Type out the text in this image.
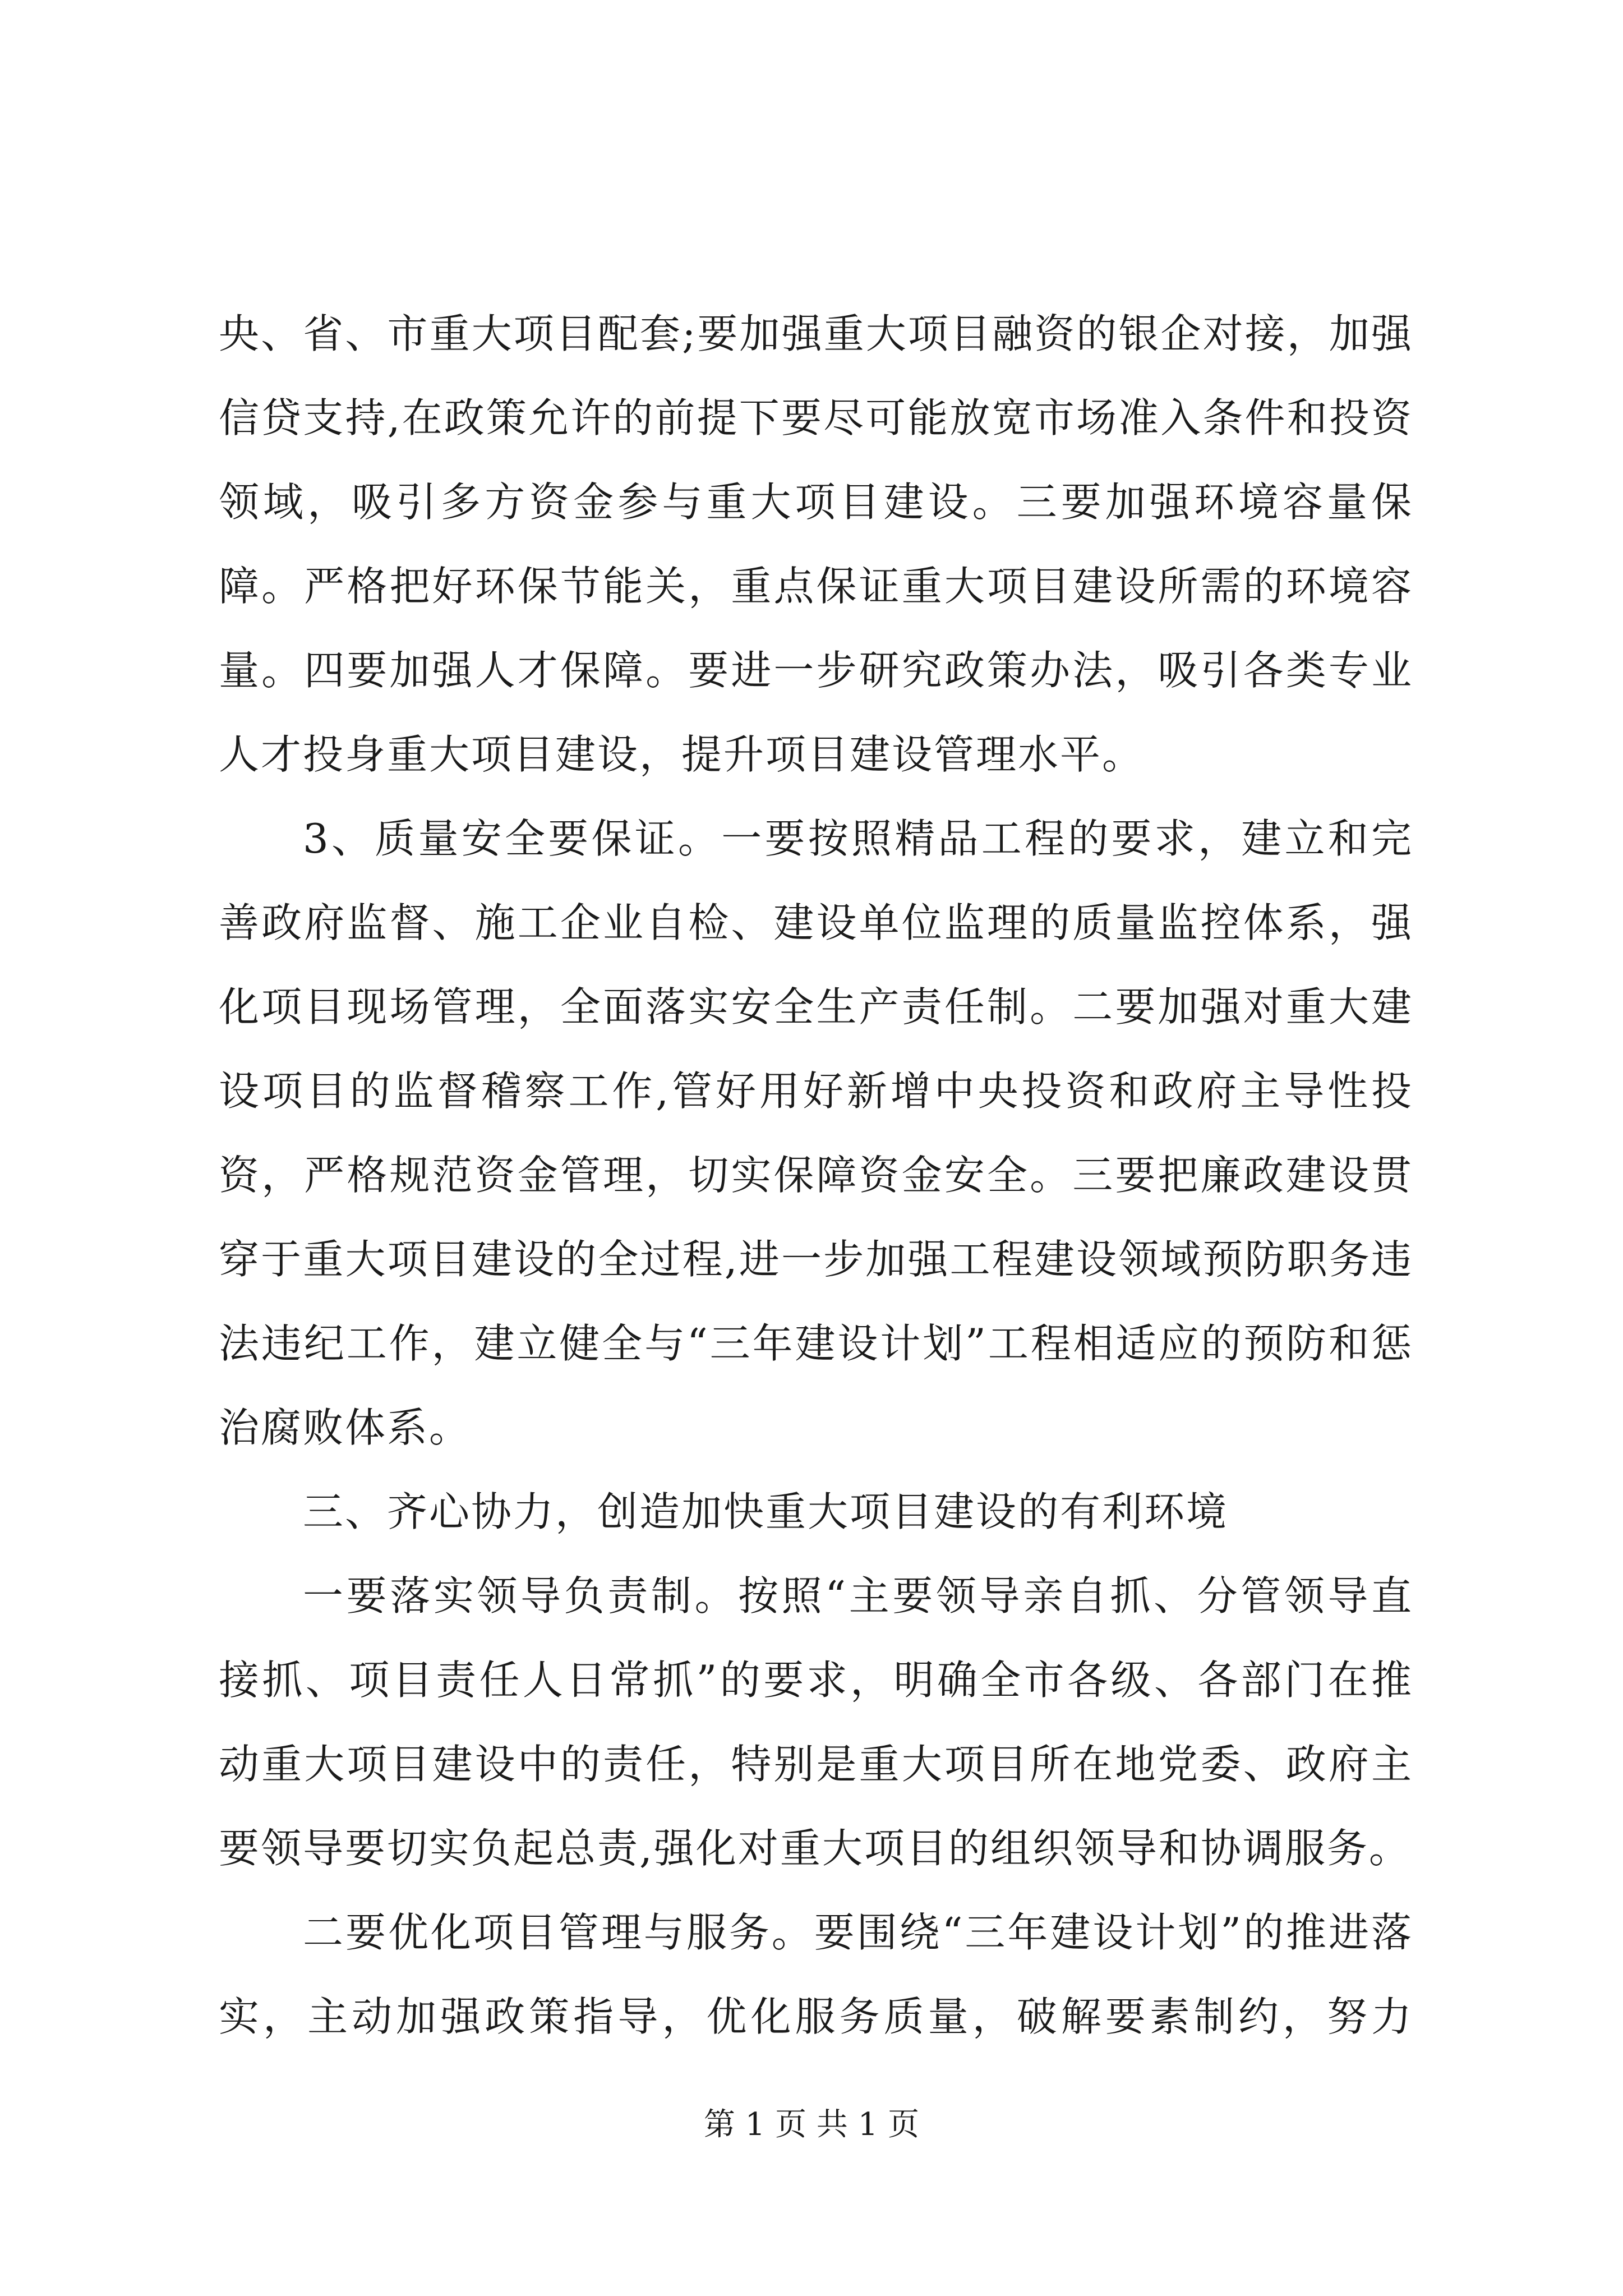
央、省、市重大项目配套;要加强重大项目融资的银企对接，加强信贷支持,在政策允许的前提下要尽可能放宽市场准入条件和投资领域，吸引多方资金参与重大项目建设。三要加强环境容量保障。严格把好环保节能关，重点保证重大项目建设所需的环境容量。四要加强人才保障。要进一步研究政策办法，吸引各类专业人才投身重大项目建设，提升项目建设管理水平。

3、质量安全要保证。一要按照精品工程的要求，建立和完善政府监督、施工企业自检、建设单位监理的质量监控体系，强化项目现场管理，全面落实安全生产责任制。二要加强对重大建设项目的监督稽察工作,管好用好新增中央投资和政府主导性投资，严格规范资金管理，切实保障资金安全。三要把廉政建设贯穿于重大项目建设的全过程,进一步加强工程建设领域预防职务违法违纪工作，建立健全与“三年建设计划”工程相适应的预防和惩治腐败体系。

三、齐心协力，创造加快重大项目建设的有利环境

一要落实领导负责制。按照“主要领导亲自抓、分管领导直接抓、项目责任人日常抓”的要求，明确全市各级、各部门在推动重大项目建设中的责任，特别是重大项目所在地党委、政府主要领导要切实负起总责,强化对重大项目的组织领导和协调服务。

二要优化项目管理与服务。要围绕“三年建设计划”的推进落实，主动加强政策指导，优化服务质量，破解要素制约，努力

第 1 页 共 1 页
